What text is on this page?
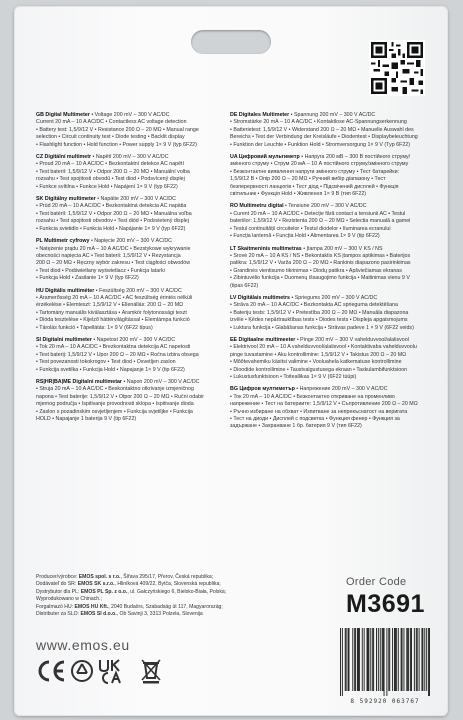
GB Digital Multimeter • Voltage 200 mV – 300 V AC/DC
Current 20 mA – 10 A AC/DC • Contactless AC voltage detection
• Battery test: 1,5/9/12 V • Resistance 200 Ω – 20 MΩ • Manual range
selection • Circuit continuity test • Diode testing • Backlit display
• Flashlight function • Hold function • Power supply 1× 9 V (typ 6F22)
CZ Digitální multimetr • Napětí 200 mV – 300 V AC/DC
• Proud 20 mA – 10 A AC/DC • Bezkontaktní detekce AC napětí
• Test baterií: 1,5/9/12 V • Odpor 200 Ω – 20 MΩ • Manuální volba
rozsahu • Test spojitosti obvodů • Test diod • Podsvícený displej
• Funkce svítilna • Funkce Hold • Napájení 1× 9 V (typ 6F22)
SK Digitálny multimeter • Napätie 200 mV – 300 V AC/DC
• Prúd 20 mA – 10 A AC/DC • Bezkontaktná detekcia AC napätia
• Test batérií: 1,5/9/12 V • Odpor 200 Ω – 20 MΩ • Manuálna voľba
rozsahu • Test spojitosti obvodov • Test diód • Podsvietený displej
• Funkcia svietidlo • Funkcia Hold • Napájanie 1× 9 V (typ 6F22)
PL Multimetr cyfrowy • Napięcie 200 mV – 300 V AC/DC
• Natężenie prądu 20 mA – 10 A AC/DC • Bezstykowe wykrywanie
obecności napięcia AC • Test baterii: 1,5/9/12 V • Rezystancja
200 Ω – 20 MΩ • Ręczny wybór zakresu • Test ciągłości obwodów
• Test diod • Podświetlany wyświetlacz • Funkcja latarki
• Funkcja Hold • Zasilanie 1× 9 V (typ 6F22)
HU Digitális multiméter • Feszültség 200 mV – 300 V AC/DC
• Áramerősség 20 mA – 10 A AC/DC • AC feszültség érintés nélküli
érzékelése • Elemteszt: 1,5/9/12 V • Ellenállás: 200 Ω – 20 MΩ
• Tartomány manuális kiválasztása • Áramkör folytonossági teszt
• Dióda tesztelése • Kijelző háttérvilágítással • Elemlámpa funkció
• Tárolás funkció • Tápellátás: 1× 9 V (6F22 típus)
SI Digitalni multimeter • Napetost 200 mV – 300 V AC/DC
• Tok 20 mA – 10 A AC/DC • Brezkontaktna detekcija AC napetosti
• Test baterij: 1,5/9/12 V • Upor 200 Ω – 20 MΩ • Ročna izbira obsega
• Test povezanosti tokokrogov • Test diod • Osvetljen zaslon
• Funkcija svetilka • Funkcija Hold • Napajanje 1× 9 V (tip 6F22)
RS|HR|BA|ME Digitalni multimetar • Napon 200 mV – 300 V AC/DC
• Struja 20 mA – 10 A AC/DC • Beskontaktno otkrivanje izmjeničnog
napona • Test baterije: 1,5/9/12 V • Otpor 200 Ω – 20 MΩ • Ručni odabir
mjernog područja • Ispitivanje provodnosti sklopa • Ispitivanje dioda
• Zaslon s pozadinskim osvjetljenjem • Funkcija svjetiljke • Funkcija
HOLD • Napajanje 1 baterija 9 V (tip 6F22)
DE Digitales Multimeter • Spannung 200 mV – 300 V AC/DC
• Stromstärke 20 mA – 10 A AC/DC • Kontaktlose AC-Spannungserkennung
• Batterietest: 1,5/9/12 V • Widerstand 200 Ω – 20 MΩ • Manuelle Auswahl des
Bereichs • Test der Verbindung der Kreisläufe • Diodentest • Displaybeleuchtung
• Funktion der Leuchte • Funktion Hold • Stromversorgung 1× 9 V (Typ 6F22)
UA Цифровий мультиметр • Напруга 200 мВ – 300 В постійного струму/
змінного струму • Струм 20 мА – 10 А постійного струму/змінного струму
• Безконтактне виявлення напруги змінного струму • Тест батарейки:
1,5/9/12 В • Опір 200 Ω – 20 MΩ • Ручний вибір діапазону • Тест
безперервності ланцюгів • Тест діод • Підсвічений дисплей • Функція
світильник • Функція Hold • Живлення 1× 9 В (тип 6F22)
RO Multimetru digital • Tensiune 200 mV – 300 V AC/DC
• Curent 20 mA – 10 A AC/DC • Detecție fără contact a tensiunii AC • Testul
bateriilor: 1,5/9/12 V • Rezistenta 200 Ω – 20 MΩ • Selectia manuală a gamei
• Testul continuității circuitelor • Testul diodelor • Iluminarea ecranului
• Funcția lanternă • Funcția Hold • Alimentarea 1× 9 V (tip 6F22)
LT Skaitmeninis multimetras • Įtampa 200 mV – 300 V KS / NS
• Srovė 20 mA – 10 A KS / NS • Bekontaktis KS įtampos aptikimas • Baterijos
patikra: 1,5/9/12 V • Varža 200 Ω – 20 MΩ • Rankinis diapazono pasirinkimas
• Grandinės vientisumo tikrinimas • Diodų patikra • Apšviečiamas ekranas
• Žibintuvėlio funkcija • Duomenų išsaugojimo funkcija • Maitinimas vienu 9 V
(tipas 6F22)
LV Digitālais multimetrs • Spriegums 200 mV – 300 V AC/DC
• Strāva 20 mA – 10 A AC/DC • Bezkontakta AC sprieguma detektēšana
• Bateriju tests: 1,5/9/12 V • Pretestība 200 Ω – 20 MΩ • Manuāla diapazona
izvēle • Ķēdes nepārtrauktības tests • Diodes tests • Displeja apgaismojums
• Luktura funkcija • Glabāšanas funkcija • Strāvas padeve 1 × 9 V (6F22 veids)
EE Digitaalne multimeeter • Pinge 200 mV – 300 V vahelduvvool/alalisvool
• Elektrivool 20 mA – 10 A vahelduvvool/alalisvool • Kontaktivaba vahelduvvoolu
pinge tuvastamine • Aku kontrollimine: 1,5/9/12 V • Takistus 200 Ω – 20 MΩ
• Mõõtevahemiku käsitsi valimine • Vooluahela katkematuse kontrollimine
• Dioodide kontrollimine • Taustvalgustusega ekraan • Taskulambifunktsioon
• Lukustusfunktsioon • Toiteallikas 1× 9 V (6F22 tüüpi)
BG Цифров мултиметър • Напрежение 200 mV – 300 V AC/DC
• Ток 20 mA – 10 A AC/DC • Безконтактно откриване на променливо
напрежение • Тест на батериите: 1,5/9/12 V • Съпротивление 200 Ω – 20 MΩ
• Ръчно избиране на обхват • Изпитване за непрекъснатост на веригата
• Тест на диоди • Дисплей с подсветка • Функция фенер • Функция за
задържане • Захранване 1 бр. батерия 9 V (тип 6F22)
Producer/výrobce: EMOS spol. s r.o., Šířava 295/17, Přerov, Česká republika;
Dodávateľ do SR: EMOS SK s.r.o., Hliníková 409/22, Bytča, Slovenská republika;
Dystrybutor dla PL: EMOS PL Sp. z o.o., ul. Gałczyńskiego 6, Bielsko-Biała, Polska;
Wyprodukowano w Chinach.;
Forgalmazó HU: EMOS HU Kft., 2040 Budaörs, Szabadság út 117, Magyarország;
Distributer za SLO: EMOS SI d.o.o., Ob Savinji 3, 3313 Polzela, Slovenija
Order Code
M3691
www.emos.eu
8 592920 063767
